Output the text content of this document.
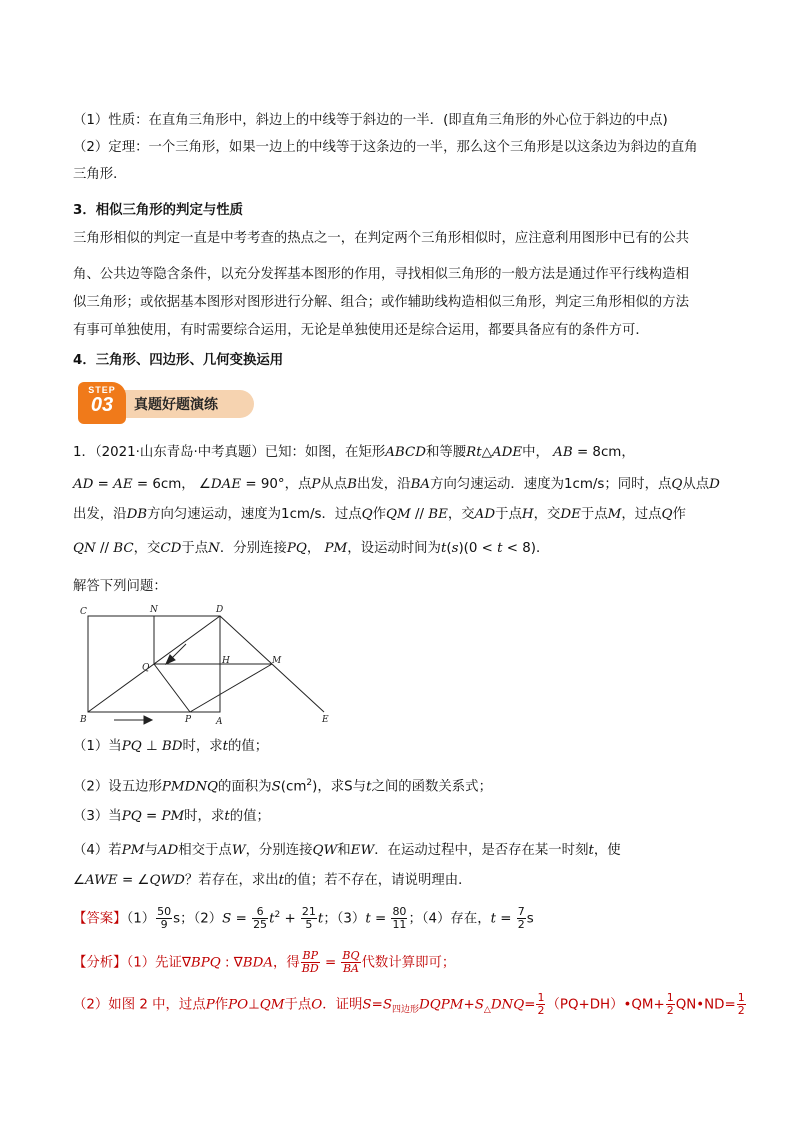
（1）性质：在直角三角形中，斜边上的中线等于斜边的一半．(即直角三角形的外心位于斜边的中点)
（2）定理：一个三角形，如果一边上的中线等于这条边的一半，那么这个三角形是以这条边为斜边的直角
三角形．
3．相似三角形的判定与性质
三角形相似的判定一直是中考考查的热点之一，在判定两个三角形相似时，应注意利用图形中已有的公共
角、公共边等隐含条件，以充分发挥基本图形的作用，寻找相似三角形的一般方法是通过作平行线构造相
似三角形；或依据基本图形对图形进行分解、组合；或作辅助线构造相似三角形，判定三角形相似的方法
有事可单独使用，有时需要综合运用，无论是单独使用还是综合运用，都要具备应有的条件方可．
4．三角形、四边形、几何变换运用
STEP
03	真题好题演练
1．（2021·山东青岛·中考真题）已知：如图，在矩形ABCD和等腰Rt△ADE中， AB = 8cm，
AD = AE = 6cm， ∠DAE = 90°，点P从点B出发，沿BA方向匀速运动．速度为1cm/s；同时，点Q从点D
出发，沿DB方向匀速运动，速度为1cm/s．过点Q作QM // BE，交AD于点H，交DE于点M，过点Q作
QN // BC，交CD于点N．分别连接PQ， PM，设运动时间为t(s)(0 < t < 8)．
解答下列问题：
C	N	D
Q
H	M
B	P	A	E
（1）当PQ ⊥ BD时，求t的值；
（2）设五边形PMDNQ的面积为$S(cm^2)$，求S与t之间的函数关系式；
（3）当PQ = PM时，求t的值；
（4）若PM与AD相交于点W，分别连接QW和EW．在运动过程中，是否存在某一时刻t，使
∠AWE = ∠QWD？若存在，求出t的值；若不存在，请说明理由．
【答案】$(1) \frac{50}{9}$ s；$(2)S = \frac{6}{25} t^2 + \frac{21}{5}$ t；$(3)t = \frac{80}{11}$ ；（4）存在，$t = \frac{7}{2}$ s
【分析】（1）先证∇BPQ : ∇BDA，得 $\frac{BP}{BD} = \frac{BQ}{BA}$ 代数计算即可；
（2）如图 2 中，过点P作PO⊥QM于点O．证明$S=S_{四边形}DQPM+S_\triangle DNQ= \frac{1}{2}$ （PQ+DH）•QM+ $\frac{1}{2}$ QN•ND= $\frac{1}{2}$
